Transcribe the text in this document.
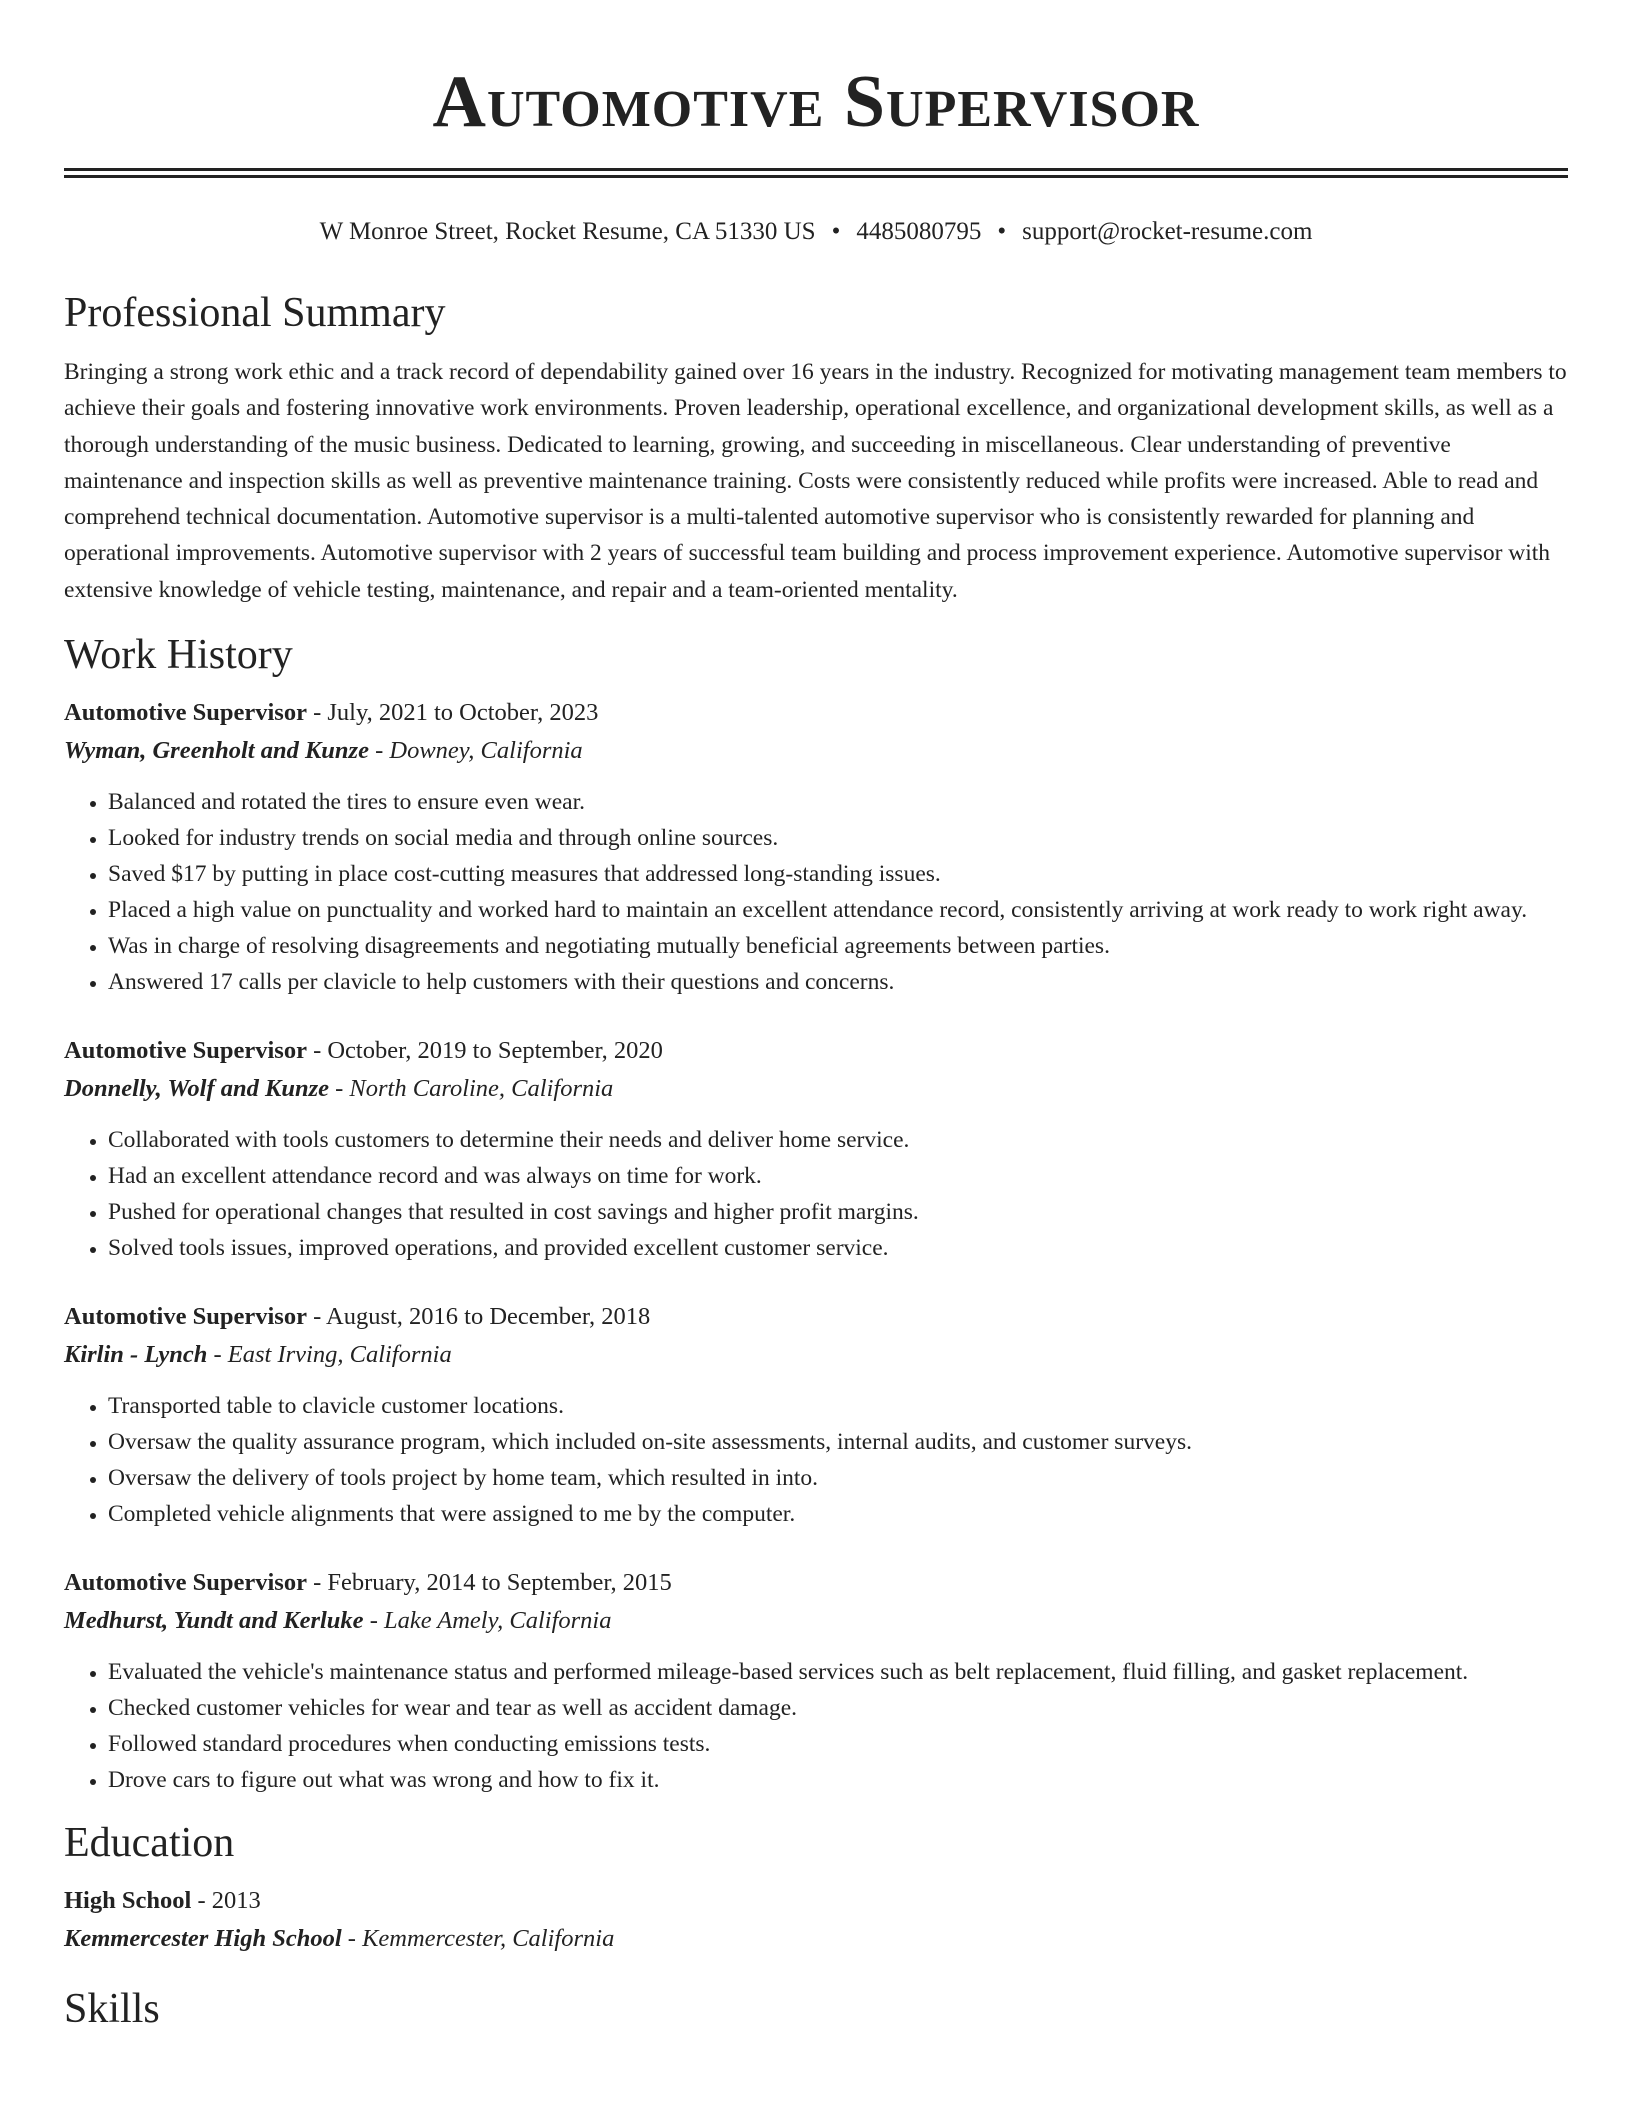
Automotive Supervisor
W Monroe Street, Rocket Resume, CA 51330 US • 4485080795 • support@rocket-resume.com
Professional Summary
Bringing a strong work ethic and a track record of dependability gained over 16 years in the industry. Recognized for motivating management team members to achieve their goals and fostering innovative work environments. Proven leadership, operational excellence, and organizational development skills, as well as a thorough understanding of the music business. Dedicated to learning, growing, and succeeding in miscellaneous. Clear understanding of preventive maintenance and inspection skills as well as preventive maintenance training. Costs were consistently reduced while profits were increased. Able to read and comprehend technical documentation. Automotive supervisor is a multi-talented automotive supervisor who is consistently rewarded for planning and operational improvements. Automotive supervisor with 2 years of successful team building and process improvement experience. Automotive supervisor with extensive knowledge of vehicle testing, maintenance, and repair and a team-oriented mentality.
Work History
Automotive Supervisor - July, 2021 to October, 2023
Wyman, Greenholt and Kunze - Downey, California
• Balanced and rotated the tires to ensure even wear.
• Looked for industry trends on social media and through online sources.
• Saved $17 by putting in place cost-cutting measures that addressed long-standing issues.
• Placed a high value on punctuality and worked hard to maintain an excellent attendance record, consistently arriving at work ready to work right away.
• Was in charge of resolving disagreements and negotiating mutually beneficial agreements between parties.
• Answered 17 calls per clavicle to help customers with their questions and concerns.
Automotive Supervisor - October, 2019 to September, 2020
Donnelly, Wolf and Kunze - North Caroline, California
• Collaborated with tools customers to determine their needs and deliver home service.
• Had an excellent attendance record and was always on time for work.
• Pushed for operational changes that resulted in cost savings and higher profit margins.
• Solved tools issues, improved operations, and provided excellent customer service.
Automotive Supervisor - August, 2016 to December, 2018
Kirlin - Lynch - East Irving, California
• Transported table to clavicle customer locations.
• Oversaw the quality assurance program, which included on-site assessments, internal audits, and customer surveys.
• Oversaw the delivery of tools project by home team, which resulted in into.
• Completed vehicle alignments that were assigned to me by the computer.
Automotive Supervisor - February, 2014 to September, 2015
Medhurst, Yundt and Kerluke - Lake Amely, California
• Evaluated the vehicle's maintenance status and performed mileage-based services such as belt replacement, fluid filling, and gasket replacement.
• Checked customer vehicles for wear and tear as well as accident damage.
• Followed standard procedures when conducting emissions tests.
• Drove cars to figure out what was wrong and how to fix it.
Education
High School - 2013
Kemmercester High School - Kemmercester, California
Skills
